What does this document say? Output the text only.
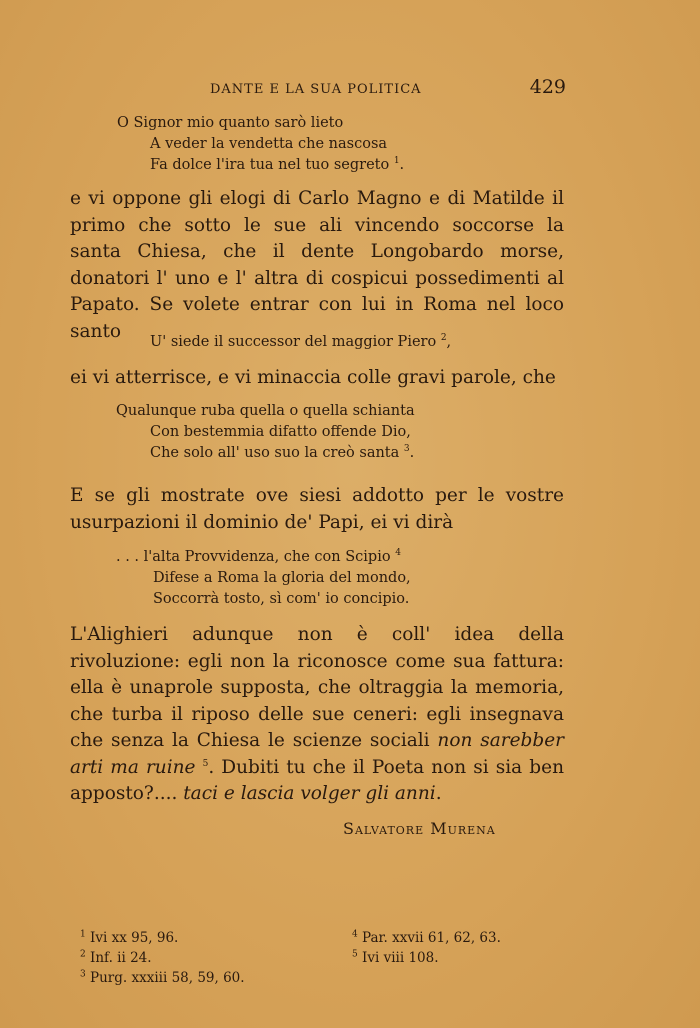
DANTE E LA SUA POLITICA	429
O Signor mio quanto sarò lieto
A veder la vendetta che nascosa
Fa dolce l'ira tua nel tuo segreto $^1$.

e vi oppone gli elogi di Carlo Magno e di Matilde il primo che sotto le sue ali vincendo soccorse la santa Chiesa, che il dente Longobardo morse, donatori l' uno e l' altra di cospicui possedimenti al Papato. Se volete entrar con lui in Roma nel loco santo

U' siede il successor del maggior Piero $^2$,

ei vi atterrisce, e vi minaccia colle gravi parole, che

Qualunque ruba quella o quella schianta
Con bestemmia difatto offende Dio,
Che solo all' uso suo la creò santa $^3$.

E se gli mostrate ove siesi addotto per le vostre usurpazioni il dominio de' Papi, ei vi dirà

. . . l'alta Provvidenza, che con Scipio $^4$
Difese a Roma la gloria del mondo,
Soccorrà tosto, sì com' io concipio.

L'Alighieri adunque non è coll' idea della rivoluzione: egli non la riconosce come sua fattura: ella è unaprole supposta, che oltraggia la memoria, che turba il riposo delle sue ceneri: egli insegnava che senza la Chiesa le scienze sociali non sarebber arti ma ruine $^5$. Dubiti tu che il Poeta non si sia ben apposto?.... taci e lascia volger gli anni.

Salvatore Murena
$^1$ Ivi xx 95, 96.
$^2$ Inf. ii 24.
$^3$ Purg. xxxiii 58, 59, 60.
$^4$ Par. xxvii 61, 62, 63.
$^5$ Ivi viii 108.
